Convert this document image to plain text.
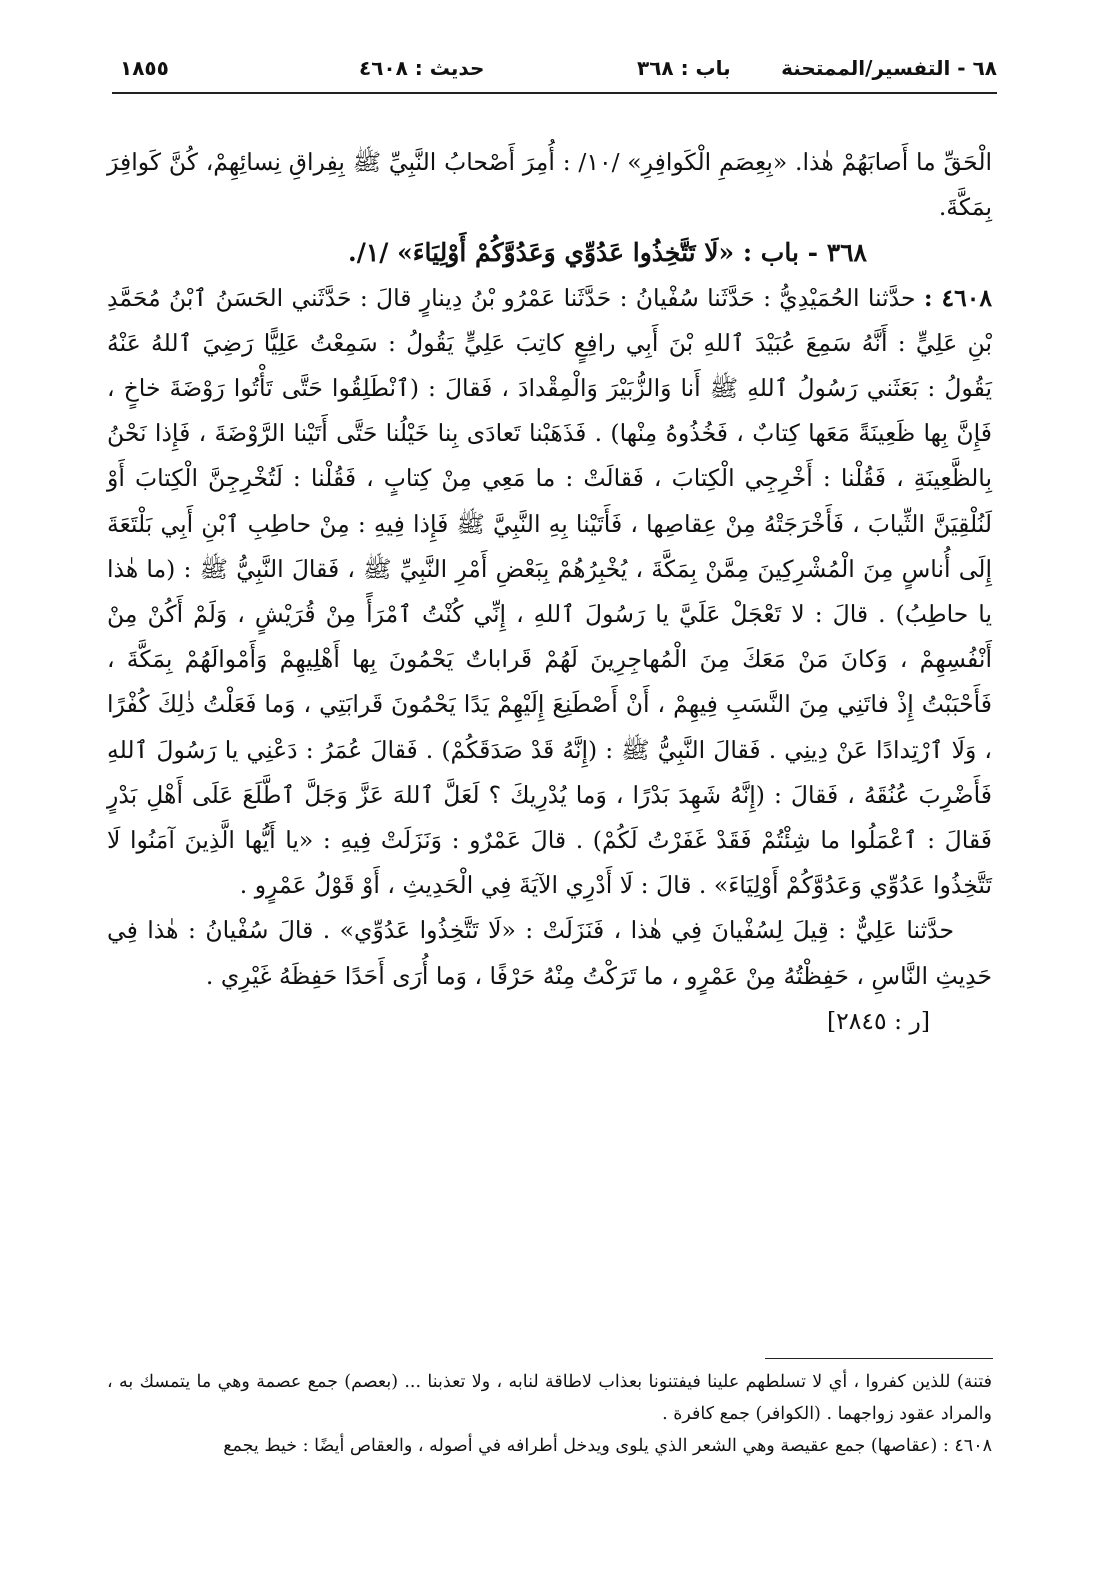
٦٨ - التفسير/الممتحنة
باب : ٣٦٨
حديث : ٤٦٠٨
١٨٥٥

الْحَقِّ ما أَصابَهُمْ هٰذا. «بِعِصَمِ الْكَوافِرِ» /١٠/ : أُمِرَ أَصْحابُ النَّبِيِّ ﷺ بِفِراقِ نِسائِهِمْ، كُنَّ كَوافِرَ بِمَكَّةَ.

٣٦٨ - باب : «لَا تَتَّخِذُوا عَدُوِّي وَعَدُوَّكُمْ أَوْلِيَاءَ» /١/.

٤٦٠٨ : حدَّثنا الحُمَيْدِيُّ : حَدَّثَنا سُفْيانُ : حَدَّثَنا عَمْرُو بْنُ دِينارٍ قالَ : حَدَّثَني الحَسَنُ ٱبْنُ مُحَمَّدِ بْنِ عَلِيٍّ : أَنَّهُ سَمِعَ عُبَيْدَ ٱللهِ بْنَ أَبِي رافِعٍ كاتِبَ عَلِيٍّ يَقُولُ : سَمِعْتُ عَلِيًّا رَضِيَ ٱللهُ عَنْهُ يَقُولُ : بَعَثَني رَسُولُ ٱللهِ ﷺ أَنا وَالزُّبَيْرَ وَالْمِقْدادَ ، فَقالَ : (ٱنْطَلِقُوا حَتَّى تَأْتُوا رَوْضَةَ خاخٍ ، فَإِنَّ بِها ظَعِينَةً مَعَها كِتابٌ ، فَخُذُوهُ مِنْها) . فَذَهَبْنا تَعادَى بِنا خَيْلُنا حَتَّى أَتَيْنا الرَّوْضَةَ ، فَإِذا نَحْنُ بِالظَّعِينَةِ ، فَقُلْنا : أَخْرِجِي الْكِتابَ ، فَقالَتْ : ما مَعِي مِنْ كِتابٍ ، فَقُلْنا : لَتُخْرِجِنَّ الْكِتابَ أَوْ لَنُلْقِيَنَّ الثِّيابَ ، فَأَخْرَجَتْهُ مِنْ عِقاصِها ، فَأَتَيْنا بِهِ النَّبِيَّ ﷺ فَإِذا فِيهِ : مِنْ حاطِبِ ٱبْنِ أَبِي بَلْتَعَةَ إِلَى أُناسٍ مِنَ الْمُشْرِكِينَ مِمَّنْ بِمَكَّةَ ، يُخْبِرُهُمْ بِبَعْضِ أَمْرِ النَّبِيِّ ﷺ ، فَقالَ النَّبِيُّ ﷺ : (ما هٰذا يا حاطِبُ) . قالَ : لا تَعْجَلْ عَلَيَّ يا رَسُولَ ٱللهِ ، إِنِّي كُنْتُ ٱمْرَأً مِنْ قُرَيْشٍ ، وَلَمْ أَكُنْ مِنْ أَنْفُسِهِمْ ، وَكانَ مَنْ مَعَكَ مِنَ الْمُهاجِرِينَ لَهُمْ قَراباتٌ يَحْمُونَ بِها أَهْلِيهِمْ وَأَمْوالَهُمْ بِمَكَّةَ ، فَأَحْبَبْتُ إِذْ فاتَنِي مِنَ النَّسَبِ فِيهِمْ ، أَنْ أَصْطَنِعَ إِلَيْهِمْ يَدًا يَحْمُونَ قَرابَتِي ، وَما فَعَلْتُ ذٰلِكَ كُفْرًا ، وَلَا ٱرْتِدادًا عَنْ دِينِي . فَقالَ النَّبِيُّ ﷺ : (إِنَّهُ قَدْ صَدَقَكُمْ) . فَقالَ عُمَرُ : دَعْنِي يا رَسُولَ ٱللهِ فَأَضْرِبَ عُنُقَهُ ، فَقالَ : (إِنَّهُ شَهِدَ بَدْرًا ، وَما يُدْرِيكَ ؟ لَعَلَّ ٱللهَ عَزَّ وَجَلَّ ٱطَّلَعَ عَلَى أَهْلِ بَدْرٍ فَقالَ : ٱعْمَلُوا ما شِئْتُمْ فَقَدْ غَفَرْتُ لَكُمْ) . قالَ عَمْرٌو : وَنَزَلَتْ فِيهِ : «يا أَيُّها الَّذِينَ آمَنُوا لَا تَتَّخِذُوا عَدُوِّي وَعَدُوَّكُمْ أَوْلِيَاءَ» . قالَ : لَا أَدْرِي الآيَةَ فِي الْحَدِيثِ ، أَوْ قَوْلُ عَمْرٍو .

حدَّثنا عَلِيٌّ : قِيلَ لِسُفْيانَ فِي هٰذا ، فَنَزَلَتْ : «لَا تَتَّخِذُوا عَدُوِّي» . قالَ سُفْيانُ : هٰذا فِي حَدِيثِ النَّاسِ ، حَفِظْتُهُ مِنْ عَمْرٍو ، ما تَرَكْتُ مِنْهُ حَرْفًا ، وَما أُرَى أَحَدًا حَفِظَهُ غَيْرِي .

[ر : ٢٨٤٥]

فتنة) للذين كفروا ، أي لا تسلطهم علينا فيفتنونا بعذاب لاطاقة لنابه ، ولا تعذبنا ... (بعصم) جمع عصمة وهي ما يتمسك به ، والمراد عقود زواجهما . (الكوافر) جمع كافرة .

٤٦٠٨ : (عقاصها) جمع عقيصة وهي الشعر الذي يلوى ويدخل أطرافه في أصوله ، والعقاص أيضًا : خيط يجمع
